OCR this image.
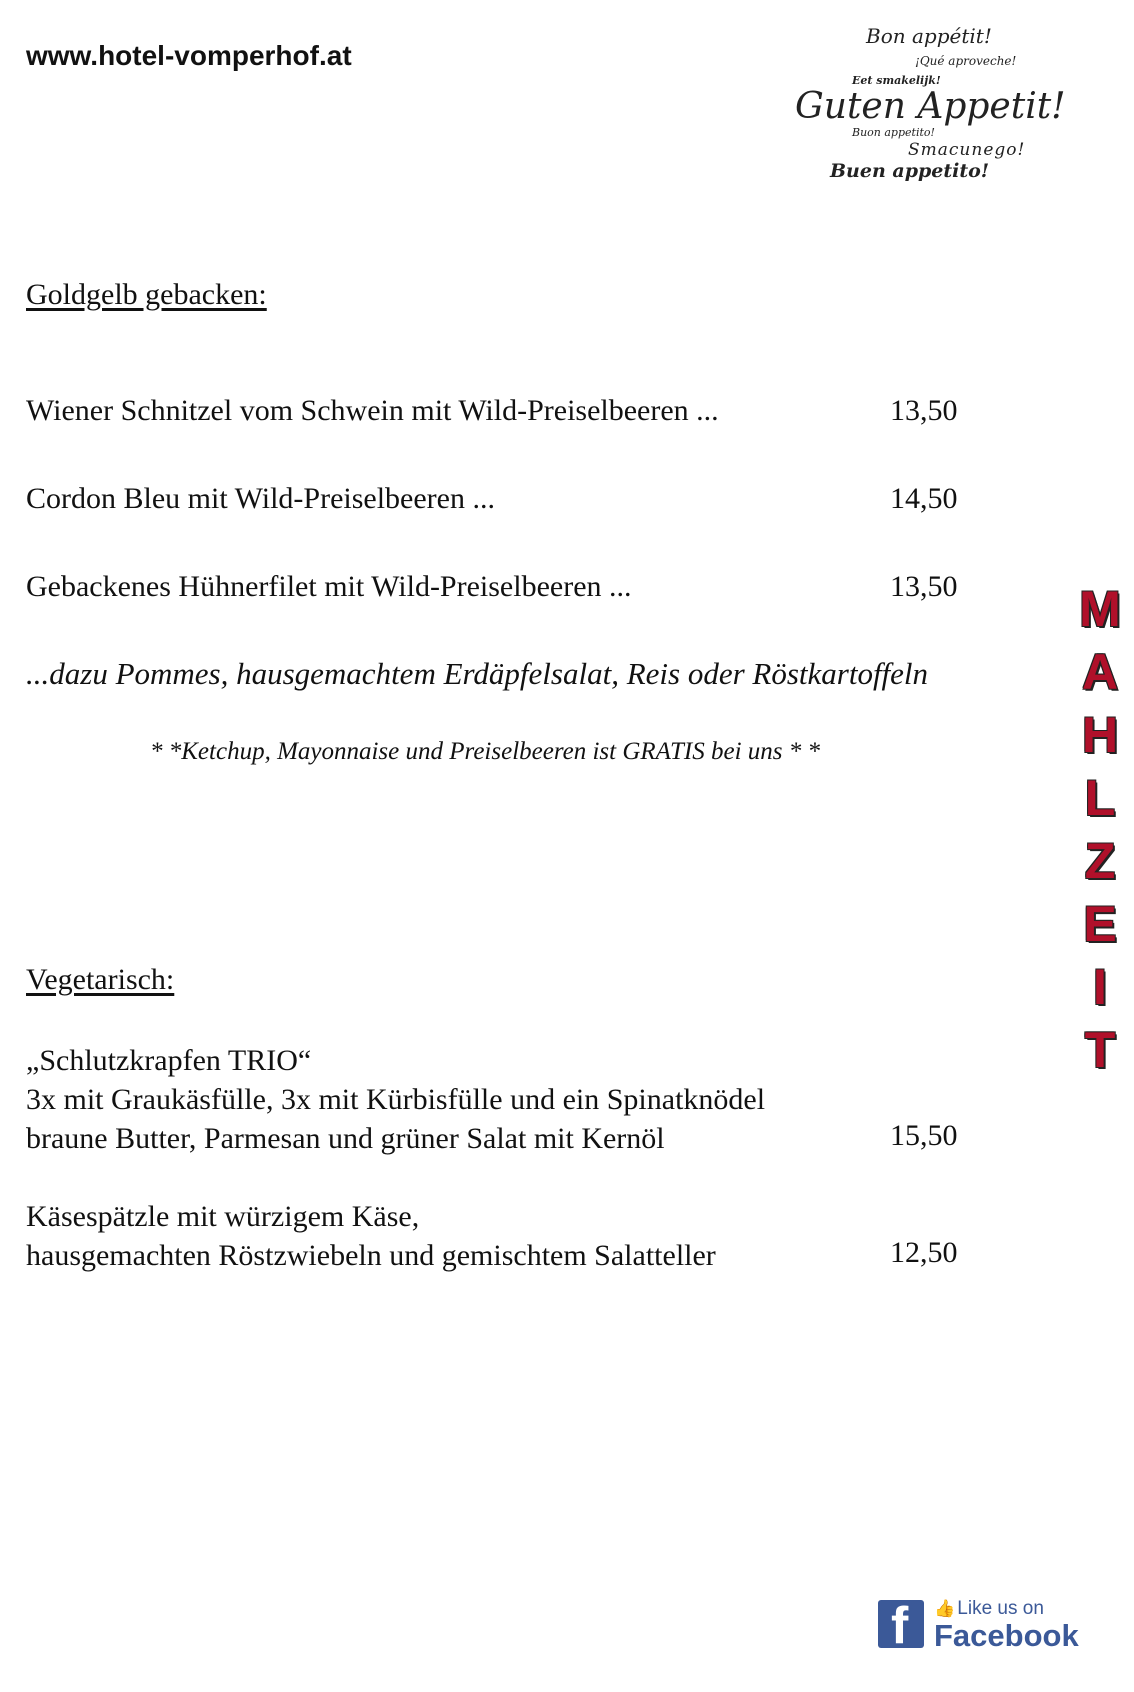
www.hotel-vomperhof.at
Bon appétit!
¡Qué aproveche!
Eet smakelijk!
Guten Appetit!
Buon appetito!
Smacunego!
Buen appetito!
Goldgelb gebacken:
Wiener Schnitzel vom Schwein mit Wild-Preiselbeeren ...	13,50
Cordon Bleu mit Wild-Preiselbeeren ...	14,50
Gebackenes Hühnerfilet mit Wild-Preiselbeeren ...	13,50
...dazu Pommes, hausgemachtem Erdäpfelsalat, Reis oder Röstkartoffeln
* *Ketchup, Mayonnaise und Preiselbeeren ist GRATIS bei uns * *
Vegetarisch:
„Schlutzkrapfen TRIO“
3x mit Graukäsfülle, 3x mit Kürbisfülle und ein Spinatknödel
braune Butter, Parmesan und grüner Salat mit Kernöl	15,50
Käsespätzle mit würzigem Käse,
hausgemachten Röstzwiebeln und gemischtem Salatteller	12,50
M
A
H
L
Z
E
I
T
f 👍 Like us on
Facebook
